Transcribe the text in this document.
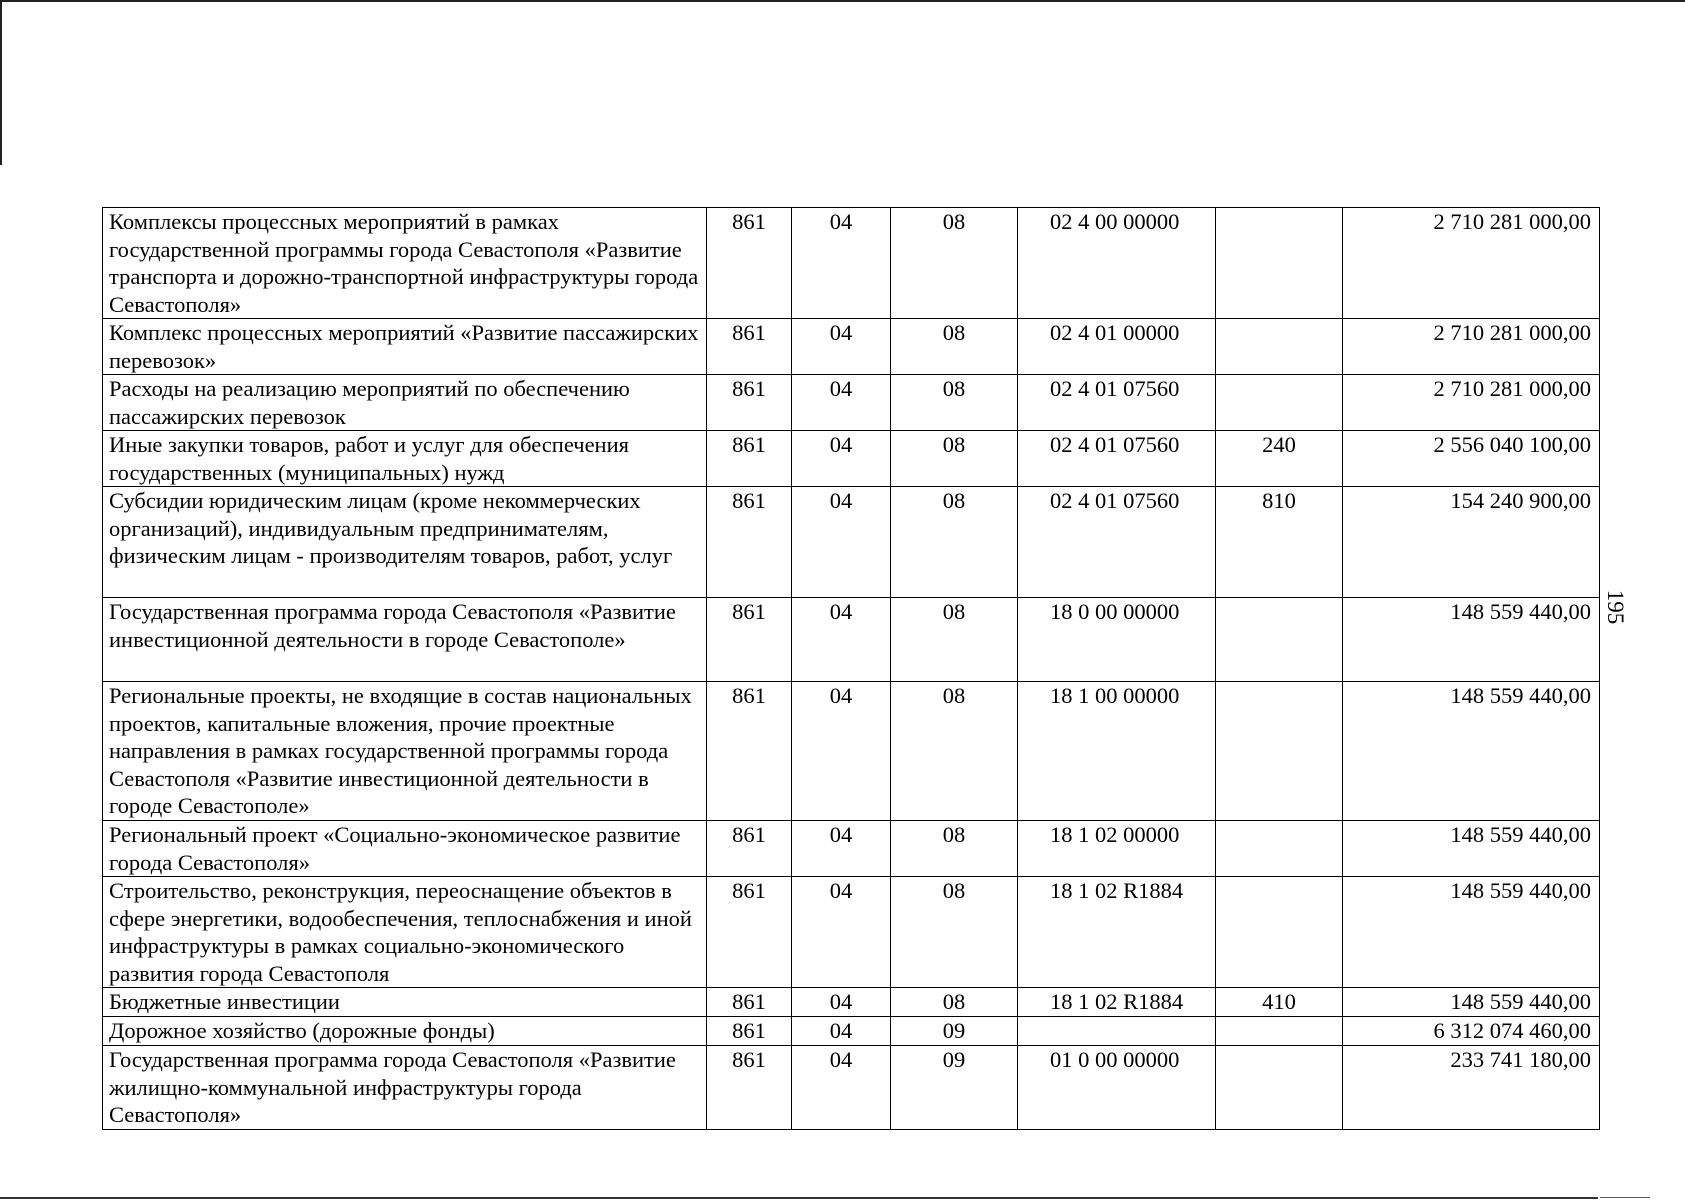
Комплексы процессных мероприятий в рамках государственной программы города Севастополя «Развитие транспорта и дорожно-транспортной инфраструктуры города Севастополя»	861	04	08	02 4 00 00000		2 710 281 000,00
Комплекс процессных мероприятий «Развитие пассажирских перевозок»	861	04	08	02 4 01 00000		2 710 281 000,00
Расходы на реализацию мероприятий по обеспечению пассажирских перевозок	861	04	08	02 4 01 07560		2 710 281 000,00
Иные закупки товаров, работ и услуг для обеспечения государственных (муниципальных) нужд	861	04	08	02 4 01 07560	240	2 556 040 100,00
Субсидии юридическим лицам (кроме некоммерческих организаций), индивидуальным предпринимателям, физическим лицам - производителям товаров, работ, услуг	861	04	08	02 4 01 07560	810	154 240 900,00
Государственная программа города Севастополя «Развитие инвестиционной деятельности в городе Севастополе»	861	04	08	18 0 00 00000		148 559 440,00
Региональные проекты, не входящие в состав национальных проектов, капитальные вложения, прочие проектные направления в рамках государственной программы города Севастополя «Развитие инвестиционной деятельности в городе Севастополе»	861	04	08	18 1 00 00000		148 559 440,00
Региональный проект «Социально-экономическое развитие города Севастополя»	861	04	08	18 1 02 00000		148 559 440,00
Строительство, реконструкция, переоснащение объектов в сфере энергетики, водообеспечения, теплоснабжения и иной инфраструктуры в рамках социально-экономического развития города Севастополя	861	04	08	18 1 02 R1884		148 559 440,00
Бюджетные инвестиции	861	04	08	18 1 02 R1884	410	148 559 440,00
Дорожное хозяйство (дорожные фонды)	861	04	09			6 312 074 460,00
Государственная программа города Севастополя «Развитие жилищно-коммунальной инфраструктуры города Севастополя»	861	04	09	01 0 00 00000		233 741 180,00
195
